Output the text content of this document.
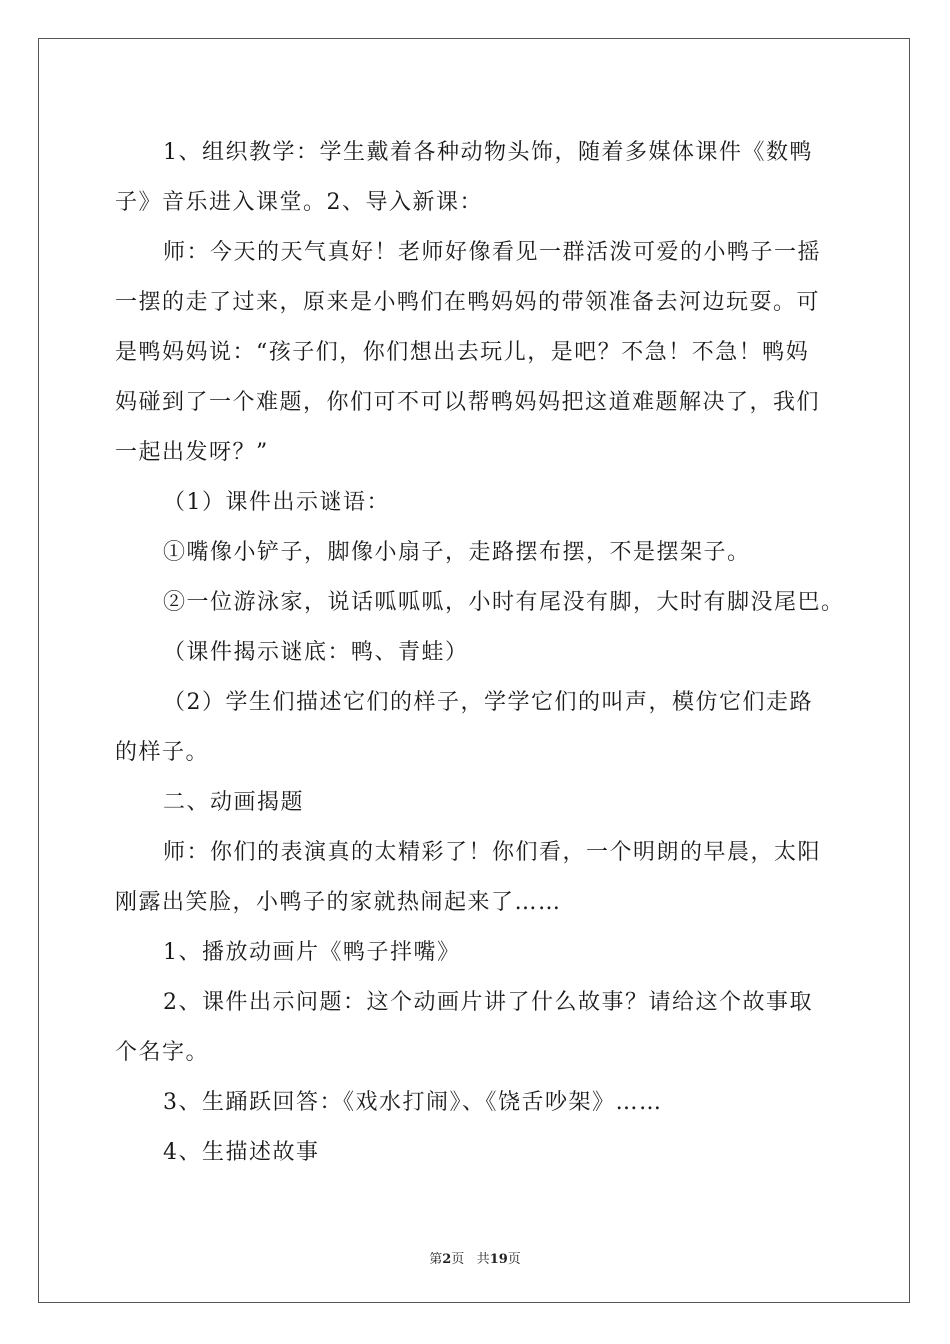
1、组织教学：学生戴着各种动物头饰，随着多媒体课件《数鸭
子》音乐进入课堂。2、导入新课：
师：今天的天气真好！老师好像看见一群活泼可爱的小鸭子一摇
一摆的走了过来，原来是小鸭们在鸭妈妈的带领准备去河边玩耍。可
是鸭妈妈说：“孩子们，你们想出去玩儿，是吧？不急！不急！鸭妈
妈碰到了一个难题，你们可不可以帮鸭妈妈把这道难题解决了，我们
一起出发呀？”
（1）课件出示谜语：
①嘴像小铲子，脚像小扇子，走路摆布摆，不是摆架子。
②一位游泳家，说话呱呱呱，小时有尾没有脚，大时有脚没尾巴。
（课件揭示谜底：鸭、青蛙）
（2）学生们描述它们的样子，学学它们的叫声，模仿它们走路
的样子。
二、动画揭题
师：你们的表演真的太精彩了！你们看，一个明朗的早晨，太阳
刚露出笑脸，小鸭子的家就热闹起来了……
1、播放动画片《鸭子拌嘴》
2、课件出示问题：这个动画片讲了什么故事？请给这个故事取
个名字。
3、生踊跃回答：《戏水打闹》、《饶舌吵架》……
4、生描述故事
第2页 共19页
